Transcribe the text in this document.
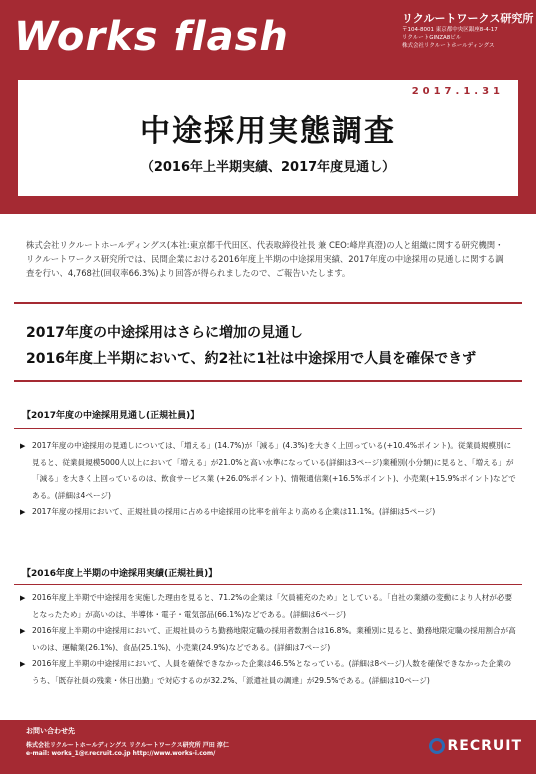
Works flash	リクルートワークス研究所
〒104-8001 東京都中央区銀座8-4-17
リクルートGINZA8ビル
株式会社リクルートホールディングス
2017.1.31
中途採用実態調査
（2016年上半期実績、2017年度見通し）
株式会社リクルートホールディングス(本社:東京都千代田区、代表取締役社長 兼 CEO:峰岸真澄)の人と組織に関する研究機関・リクルートワークス研究所では、民間企業における2016年度上半期の中途採用実績、2017年度の中途採用の見通しに関する調査を行い、4,768社(回収率66.3%)より回答が得られましたので、ご報告いたします。
2017年度の中途採用はさらに増加の見通し
2016年度上半期において、約2社に1社は中途採用で人員を確保できず
【2017年度の中途採用見通し(正規社員)】
▶ 2017年度の中途採用の見通しについては、「増える」(14.7%)が「減る」(4.3%)を大きく上回っている(+10.4%ポイント)。従業員規模別に見ると、従業員規模5000人以上において「増える」が21.0%と高い水準になっている(詳細は3ページ)業種別(小分類)に見ると、「増える」が「減る」を大きく上回っているのは、飲食サービス業 (+26.0%ポイント)、情報通信業(+16.5%ポイント)、小売業(+15.9%ポイント)などである。(詳細は4ページ)
▶ 2017年度の採用において、正規社員の採用に占める中途採用の比率を前年より高める企業は11.1%。(詳細は5ページ)
【2016年度上半期の中途採用実績(正規社員)】
▶ 2016年度上半期で中途採用を実施した理由を見ると、71.2%の企業は「欠員補充のため」としている。「自社の業績の変動により人材が必要となったため」が高いのは、半導体・電子・電気部品(66.1%)などである。(詳細は6ページ)
▶ 2016年度上半期の中途採用において、正規社員のうち勤務地限定職の採用者数割合は16.8%。業種別に見ると、勤務地限定職の採用割合が高いのは、運輸業(26.1%)、食品(25.1%)、小売業(24.9%)などである。(詳細は7ページ)
▶ 2016年度上半期の中途採用において、人員を確保できなかった企業は46.5%となっている。(詳細は8ページ)人数を確保できなかった企業のうち、「既存社員の残業・休日出勤」で対応するのが32.2%、「派遣社員の調達」が29.5%である。(詳細は10ページ)
お問い合わせ先
株式会社リクルートホールディングス リクルートワークス研究所 戸田 淳仁
e-mail: works_1@r.recruit.co.jp http://www.works-i.com/	RECRUIT
